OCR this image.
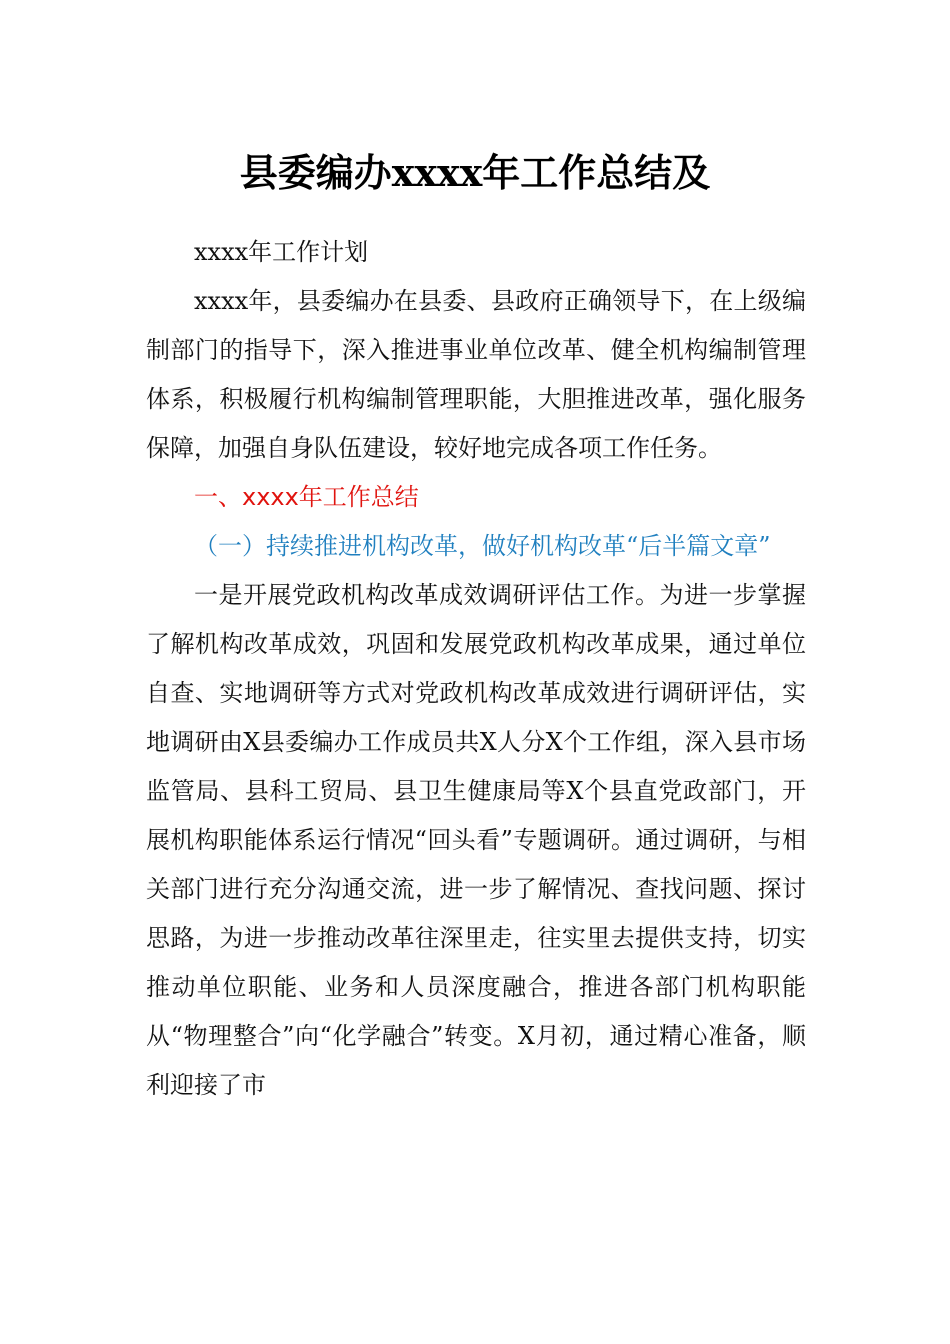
县委编办xxxx年工作总结及

xxxx年工作计划

xxxx年，县委编办在县委、县政府正确领导下，在上级编制部门的指导下，深入推进事业单位改革、健全机构编制管理体系，积极履行机构编制管理职能，大胆推进改革，强化服务保障，加强自身队伍建设，较好地完成各项工作任务。

一、xxxx年工作总结

（一）持续推进机构改革，做好机构改革“后半篇文章”

一是开展党政机构改革成效调研评估工作。为进一步掌握了解机构改革成效，巩固和发展党政机构改革成果，通过单位自查、实地调研等方式对党政机构改革成效进行调研评估，实地调研由X县委编办工作成员共X人分X个工作组，深入县市场监管局、县科工贸局、县卫生健康局等X个县直党政部门，开展机构职能体系运行情况“回头看”专题调研。通过调研，与相关部门进行充分沟通交流，进一步了解情况、查找问题、探讨思路，为进一步推动改革往深里走，往实里去提供支持，切实推动单位职能、业务和人员深度融合，推进各部门机构职能从“物理整合”向“化学融合”转变。X月初，通过精心准备，顺利迎接了市
